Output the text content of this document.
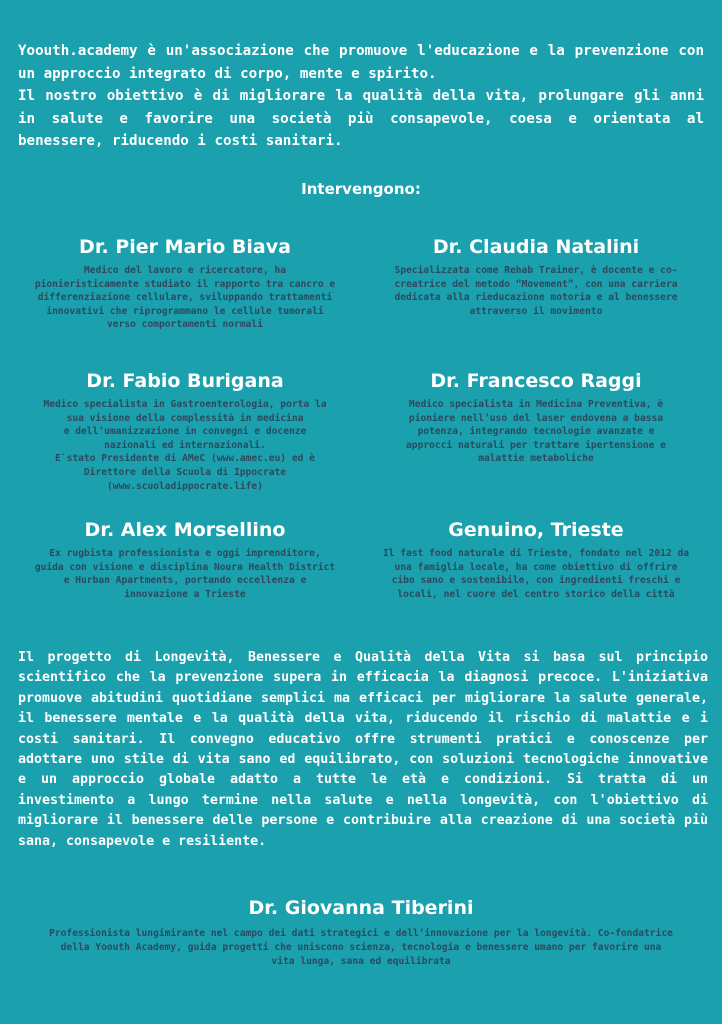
Yoouth.academy è un'associazione che promuove l'educazione e la prevenzione con un approccio integrato di corpo, mente e spirito.

Il nostro obiettivo è di migliorare la qualità della vita, prolungare gli anni in salute e favorire una società più consapevole, coesa e orientata al benessere, riducendo i costi sanitari.

Intervengono:
Dr. Pier Mario Biava
Medico del lavoro e ricercatore, ha
pionieristicamente studiato il rapporto tra cancro e
differenziazione cellulare, sviluppando trattamenti
innovativi che riprogrammano le cellule tumorali
verso comportamenti normali
Dr. Claudia Natalini
Specializzata come Rehab Trainer, è docente e co-
creatrice del metodo “Movement”, con una carriera
dedicata alla rieducazione motoria e al benessere
attraverso il movimento
Dr. Fabio Burigana
Medico specialista in Gastroenterologia, porta la
sua visione della complessità in medicina
e dell’umanizzazione in convegni e docenze
nazionali ed internazionali.
E`stato Presidente di AMeC (www.amec.eu) ed è
Direttore della Scuola di Ippocrate
(www.scuoladippocrate.life)
Dr. Francesco Raggi
Medico specialista in Medicina Preventiva, è
pioniere nell’uso del laser endovena a bassa
potenza, integrando tecnologie avanzate e
approcci naturali per trattare ipertensione e
malattie metaboliche
Dr. Alex Morsellino
Ex rugbista professionista e oggi imprenditore,
guida con visione e disciplina Noura Health District
e Hurban Apartments, portando eccellenza e
innovazione a Trieste
Genuino, Trieste
Il fast food naturale di Trieste, fondato nel 2012 da
una famiglia locale, ha come obiettivo di offrire
cibo sano e sostenibile, con ingredienti freschi e
locali, nel cuore del centro storico della città

Il progetto di Longevità, Benessere e Qualità della Vita si basa sul principio scientifico che la prevenzione supera in efficacia la diagnosi precoce. L'iniziativa promuove abitudini quotidiane semplici ma efficaci per migliorare la salute generale, il benessere mentale e la qualità della vita, riducendo il rischio di malattie e i costi sanitari. Il convegno educativo offre strumenti pratici e conoscenze per adottare uno stile di vita sano ed equilibrato, con soluzioni tecnologiche innovative e un approccio globale adatto a tutte le età e condizioni. Si tratta di un investimento a lungo termine nella salute e nella longevità, con l'obiettivo di migliorare il benessere delle persone e contribuire alla creazione di una società più sana, consapevole e resiliente.

Dr. Giovanna Tiberini
Professionista lungimirante nel campo dei dati strategici e dell’innovazione per la longevità. Co-fondatrice
della Yoouth Academy, guida progetti che uniscono scienza, tecnologia e benessere umano per favorire una
vita lunga, sana ed equilibrata
